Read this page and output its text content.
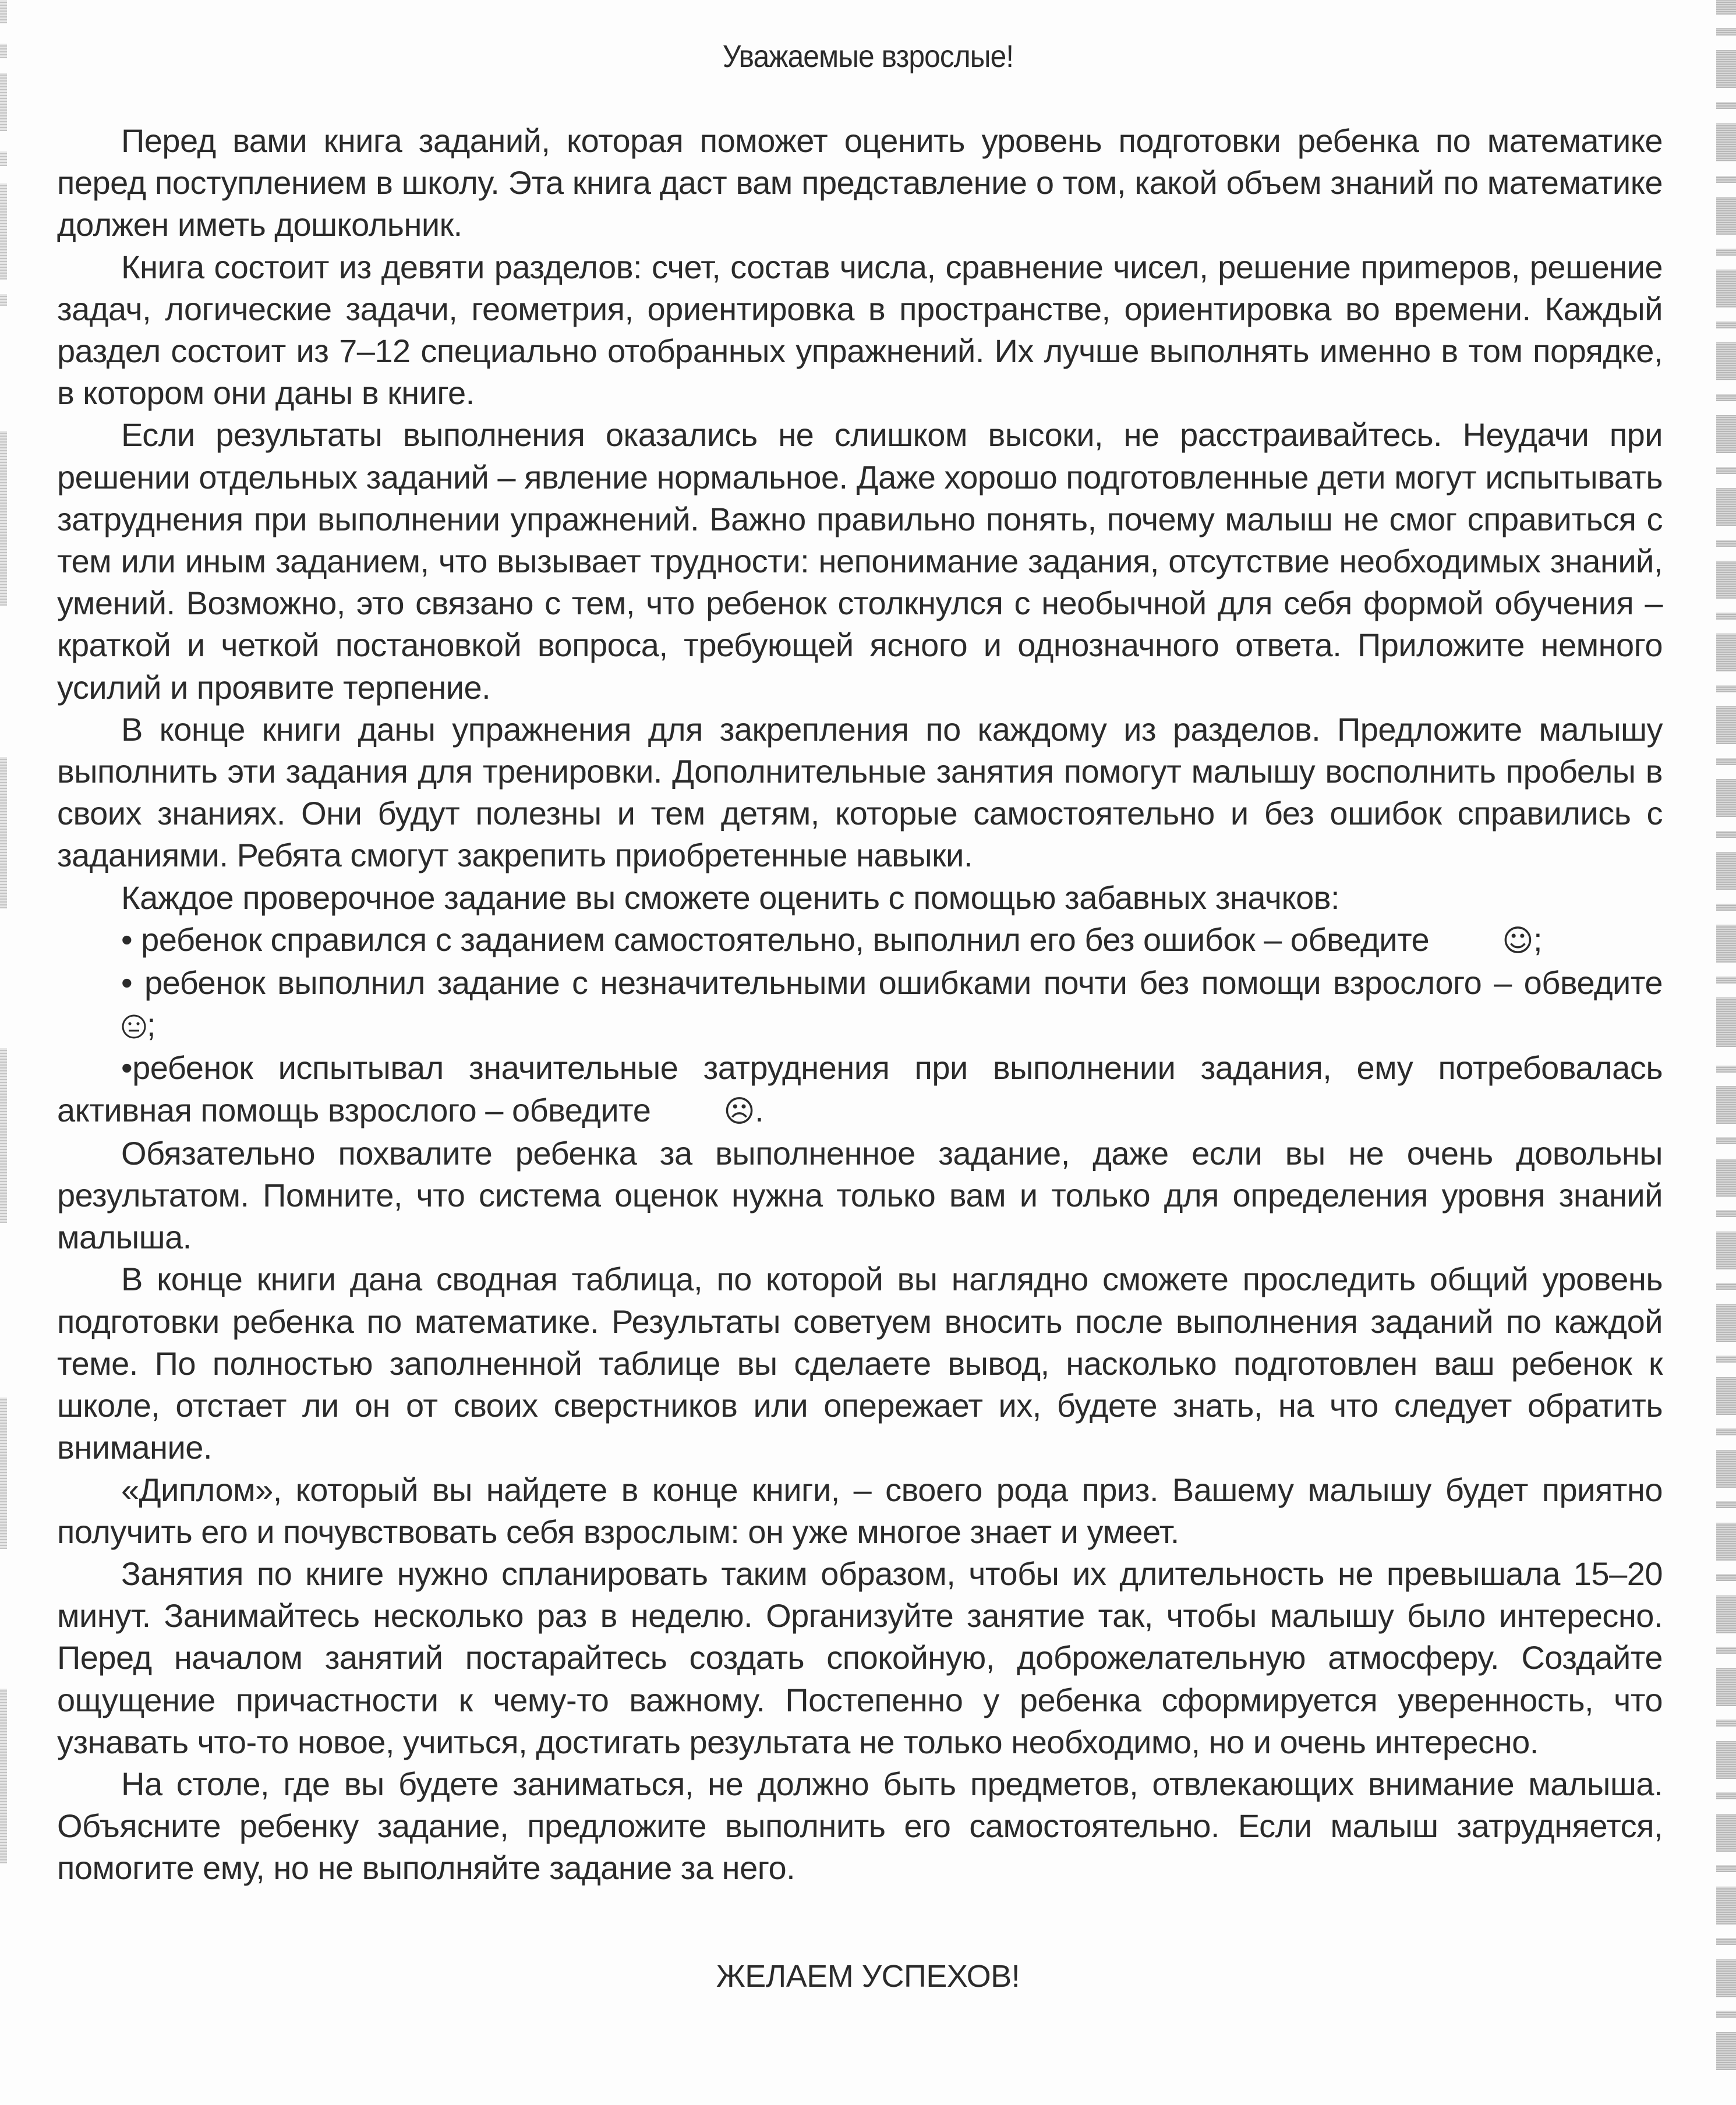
Уважаемые взрослые!

Перед вами книга заданий, которая поможет оценить уровень подготовки ребенка по математике перед поступлением в школу. Эта книга даст вам представление о том, какой объем знаний по математике должен иметь дошкольник.

Книга состоит из девяти разделов: счет, состав числа, сравнение чисел, решение приmеров, решение задач, логические задачи, геометрия, ориентировка в пространстве, ориентировка во времени. Каждый раздел состоит из 7–12 специально отобранных упражнений. Их лучше выполнять именно в том порядке, в котором они даны в книге.

Если результаты выполнения оказались не слишком высоки, не расстраивайтесь. Неудачи при решении отдельных заданий – явление нормальное. Даже хорошо подготовленные дети могут испытывать затруднения при выполнении упражнений. Важно правильно понять, почему малыш не смог справиться с тем или иным заданием, что вызывает трудности: непонимание задания, отсутствие необходимых знаний, умений. Возможно, это связано с тем, что ребенок столкнулся с необычной для себя формой обучения – краткой и четкой постановкой вопроса, требующей ясного и однозначного ответа. Приложите немного усилий и проявите терпение.

В конце книги даны упражнения для закрепления по каждому из разделов. Предложите малышу выполнить эти задания для тренировки. Дополнительные занятия помогут малышу восполнить пробелы в своих знаниях. Они будут полезны и тем детям, которые самостоятельно и без ошибок справились с заданиями. Ребята смогут закрепить приобретенные навыки.

Каждое проверочное задание вы сможете оценить с помощью забавных значков:

• ребенок справился с заданием самостоятельно, выполнил его без ошибок – обведите ☺;

• ребенок выполнил задание с незначительными ошибками почти без помощи взрослого – обведите ;

•ребенок испытывал значительные затруднения при выполнении задания, ему потребовалась активная помощь взрослого – обведите ☹.

Обязательно похвалите ребенка за выполненное задание, даже если вы не очень довольны результатом. Помните, что система оценок нужна только вам и только для определения уровня знаний малыша.

В конце книги дана сводная таблица, по которой вы наглядно сможете проследить общий уровень подготовки ребенка по математике. Результаты советуем вносить после выполнения заданий по каждой теме. По полностью заполненной таблице вы сделаете вывод, насколько подготовлен ваш ребенок к школе, отстает ли он от своих сверстников или опережает их, будете знать, на что следует обратить внимание.

«Диплом», который вы найдете в конце книги, – своего рода приз. Вашему малышу будет приятно получить его и почувствовать себя взрослым: он уже многое знает и умеет.

Занятия по книге нужно спланировать таким образом, чтобы их длительность не превышала 15–20 минут. Занимайтесь несколько раз в неделю. Организуйте занятие так, чтобы малышу было интересно. Перед началом занятий постарайтесь создать спокойную, доброжелательную атмосферу. Создайте ощущение причастности к чему-то важному. Постепенно у ребенка сформируется уверенность, что узнавать что-то новое, учиться, достигать результата не только необходимо, но и очень интересно.

На столе, где вы будете заниматься, не должно быть предметов, отвлекающих внимание малыша. Объясните ребенку задание, предложите выполнить его самостоятельно. Если малыш затрудняется, помогите ему, но не выполняйте задание за него.

ЖЕЛАЕМ УСПЕХОВ!
